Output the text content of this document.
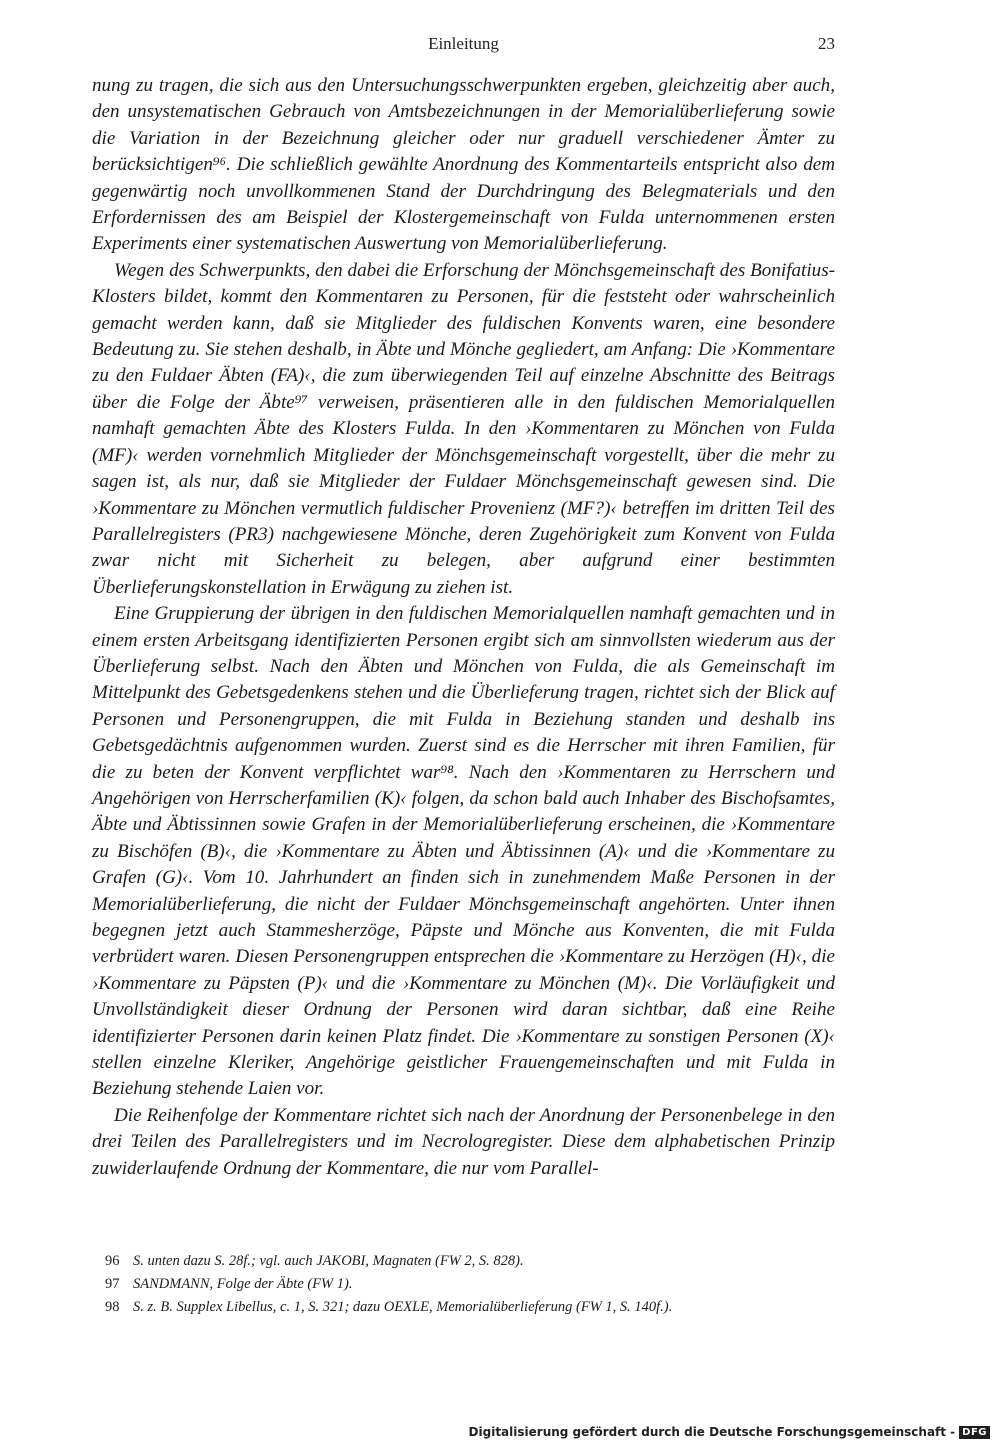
Einleitung	23

nung zu tragen, die sich aus den Untersuchungsschwerpunkten ergeben, gleichzeitig aber auch, den unsystematischen Gebrauch von Amtsbezeichnungen in der Memorialüberlieferung sowie die Variation in der Bezeichnung gleicher oder nur graduell verschiedener Ämter zu berücksichtigen⁹⁶. Die schließlich gewählte Anordnung des Kommentarteils entspricht also dem gegenwärtig noch unvollkommenen Stand der Durchdringung des Belegmaterials und den Erfordernissen des am Beispiel der Klostergemeinschaft von Fulda unternommenen ersten Experiments einer systematischen Auswertung von Memorialüberlieferung.

Wegen des Schwerpunkts, den dabei die Erforschung der Mönchsgemeinschaft des Bonifatius-Klosters bildet, kommt den Kommentaren zu Personen, für die feststeht oder wahrscheinlich gemacht werden kann, daß sie Mitglieder des fuldischen Konvents waren, eine besondere Bedeutung zu. Sie stehen deshalb, in Äbte und Mönche gegliedert, am Anfang: Die ›Kommentare zu den Fuldaer Äbten (FA)‹, die zum überwiegenden Teil auf einzelne Abschnitte des Beitrags über die Folge der Äbte⁹⁷ verweisen, präsentieren alle in den fuldischen Memorialquellen namhaft gemachten Äbte des Klosters Fulda. In den ›Kommentaren zu Mönchen von Fulda (MF)‹ werden vornehmlich Mitglieder der Mönchsgemeinschaft vorgestellt, über die mehr zu sagen ist, als nur, daß sie Mitglieder der Fuldaer Mönchsgemeinschaft gewesen sind. Die ›Kommentare zu Mönchen vermutlich fuldischer Provenienz (MF?)‹ betreffen im dritten Teil des Parallelregisters (PR3) nachgewiesene Mönche, deren Zugehörigkeit zum Konvent von Fulda zwar nicht mit Sicherheit zu belegen, aber aufgrund einer bestimmten Überlieferungskonstellation in Erwägung zu ziehen ist.

Eine Gruppierung der übrigen in den fuldischen Memorialquellen namhaft gemachten und in einem ersten Arbeitsgang identifizierten Personen ergibt sich am sinnvollsten wiederum aus der Überlieferung selbst. Nach den Äbten und Mönchen von Fulda, die als Gemeinschaft im Mittelpunkt des Gebetsgedenkens stehen und die Überlieferung tragen, richtet sich der Blick auf Personen und Personengruppen, die mit Fulda in Beziehung standen und deshalb ins Gebetsgedächtnis aufgenommen wurden. Zuerst sind es die Herrscher mit ihren Familien, für die zu beten der Konvent verpflichtet war⁹⁸. Nach den ›Kommentaren zu Herrschern und Angehörigen von Herrscherfamilien (K)‹ folgen, da schon bald auch Inhaber des Bischofsamtes, Äbte und Äbtissinnen sowie Grafen in der Memorialüberlieferung erscheinen, die ›Kommentare zu Bischöfen (B)‹, die ›Kommentare zu Äbten und Äbtissinnen (A)‹ und die ›Kommentare zu Grafen (G)‹. Vom 10. Jahrhundert an finden sich in zunehmendem Maße Personen in der Memorialüberlieferung, die nicht der Fuldaer Mönchsgemeinschaft angehörten. Unter ihnen begegnen jetzt auch Stammesherzöge, Päpste und Mönche aus Konventen, die mit Fulda verbrüdert waren. Diesen Personengruppen entsprechen die ›Kommentare zu Herzögen (H)‹, die ›Kommentare zu Päpsten (P)‹ und die ›Kommentare zu Mönchen (M)‹. Die Vorläufigkeit und Unvollständigkeit dieser Ordnung der Personen wird daran sichtbar, daß eine Reihe identifizierter Personen darin keinen Platz findet. Die ›Kommentare zu sonstigen Personen (X)‹ stellen einzelne Kleriker, Angehörige geistlicher Frauengemeinschaften und mit Fulda in Beziehung stehende Laien vor.

Die Reihenfolge der Kommentare richtet sich nach der Anordnung der Personenbelege in den drei Teilen des Parallelregisters und im Necrologregister. Diese dem alphabetischen Prinzip zuwiderlaufende Ordnung der Kommentare, die nur vom Parallel-

96 S. unten dazu S. 28f.; vgl. auch JAKOBI, Magnaten (FW 2, S. 828).

97 SANDMANN, Folge der Äbte (FW 1).

98 S. z. B. Supplex Libellus, c. 1, S. 321; dazu OEXLE, Memorialüberlieferung (FW 1, S. 140f.).

Digitalisierung gefördert durch die Deutsche Forschungsgemeinschaft - DFG
